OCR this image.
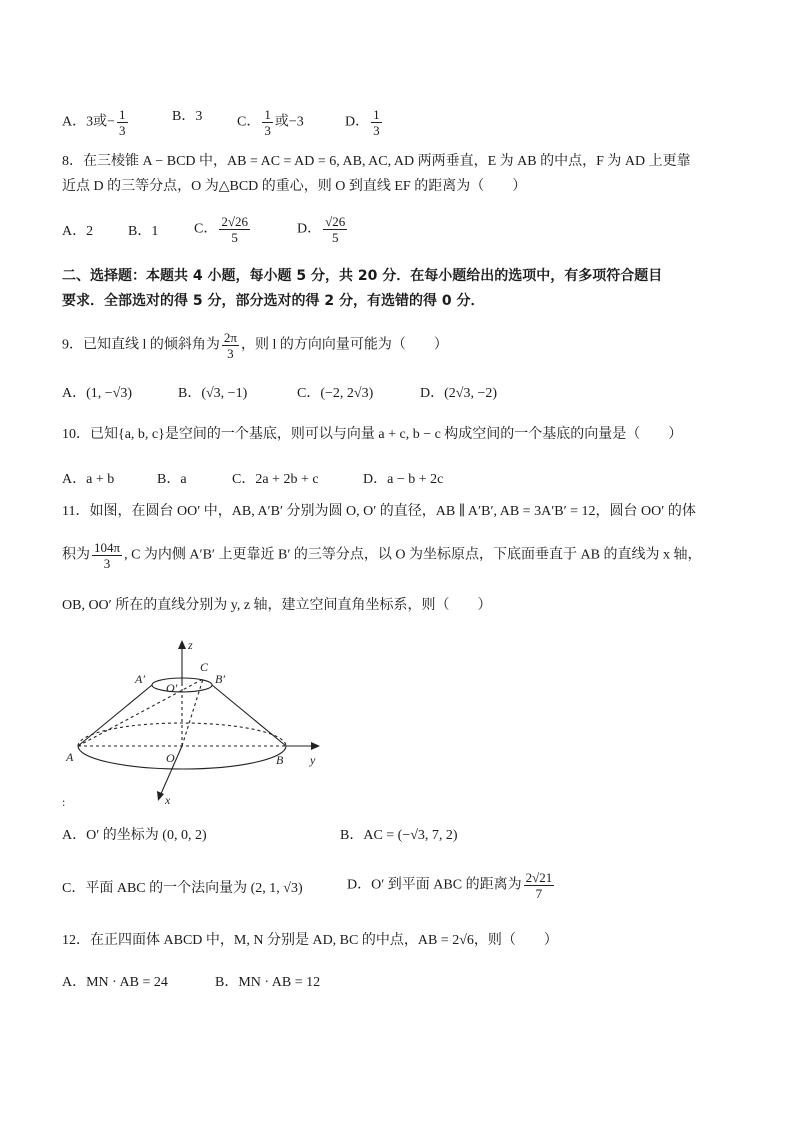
A．3或− $\frac{1}{3}$	B．3 C． $\frac{1}{3}$ 或−3	D． $\frac{1}{3}$
8．在三棱锥 A − BCD 中，AB = AC = AD = 6, AB, AC, AD 两两垂直，E 为 AB 的中点，F 为 AD 上更靠
近点 D 的三等分点，O 为△BCD 的重心，则 O 到直线 EF 的距离为（　　）
A．2 B．1	C． $\frac{2√26}{5}$	D． $\frac{√26}{5}$
二、选择题：本题共 4 小题，每小题 5 分，共 20 分．在每小题给出的选项中，有多项符合题目
要求．全部选对的得 5 分，部分选对的得 2 分，有选错的得 0 分．
9．已知直线 l 的倾斜角为 $\frac{2\pi}{3}$ ，则 l 的方向向量可能为（　　）
A．(1, −√3)	B．(√3, −1)	C．(−2, 2√3)	D．(2√3, −2)
10．已知{a, b, c}是空间的一个基底，则可以与向量 a + c, b − c 构成空间的一个基底的向量是（　　）
A．a + b	B．a	C．2a + 2b + c	D．a − b + 2c
11．如图，在圆台 OO′ 中，AB, A′B′ 分别为圆 O, O′ 的直径，AB ∥ A′B′, AB = 3A′B′ = 12，圆台 OO′ 的体
积为 $\frac{104\pi}{3}$ , C 为内侧 A′B′ 上更靠近 B′ 的三等分点，以 O 为坐标原点，下底面垂直于 AB 的直线为 x 轴，
OB, OO′ 所在的直线分别为 y, z 轴，建立空间直角坐标系，则（　　）
z
C
A′	B′
O′
A	O	B y
x
:
A．O′ 的坐标为 (0, 0, 2)	B．AC = (−√3, 7, 2)
C．平面 ABC 的一个法向量为 (2, 1, √3)	D．O′ 到平面 ABC 的距离为 $\frac{2√21}{7}$
12．在正四面体 ABCD 中，M, N 分别是 AD, BC 的中点，AB = 2√6，则（　　）
A．MN · AB = 24	B．MN · AB = 12
